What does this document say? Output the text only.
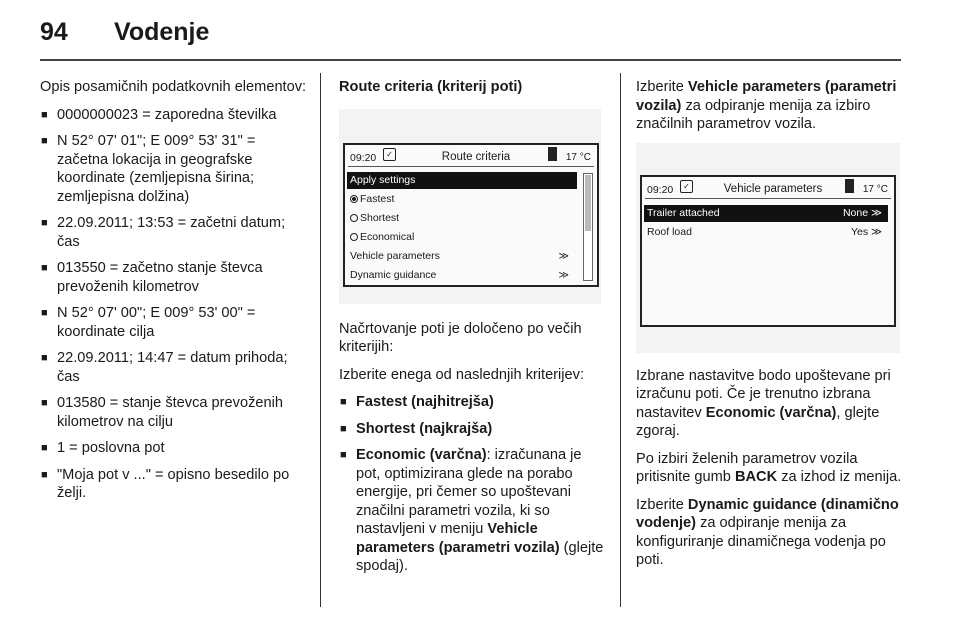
94 Vodenje

Opis posamičnih podatkovnih elementov:

■ 0000000023 = zaporedna številka
■ N 52° 07' 01"; E 009° 53' 31" = začetna lokacija in geografske koordinate (zemljepisna širina; zemljepisna dolžina)
■ 22.09.2011; 13:53 = začetni datum; čas
■ 013550 = začetno stanje števca prevoženih kilometrov
■ N 52° 07' 00"; E 009° 53' 00" = koordinate cilja
■ 22.09.2011; 14:47 = datum prihoda; čas
■ 013580 = stanje števca prevoženih kilometrov na cilju
■ 1 = poslovna pot
■ "Moja pot v ..." = opisno besedilo po želji.

Route criteria (kriterij poti)

09:20	✓	Route criteria	17 °C
Apply settings
Fastest
Shortest
Economical
Vehicle parameters	≫
Dynamic guidance	≫

Načrtovanje poti je določeno po večih kriterijih:

Izberite enega od naslednjih kriterijev:

■ Fastest (najhitrejša)
■ Shortest (najkrajša)
■ Economic (varčna): izračunana je pot, optimizirana glede na porabo energije, pri čemer so upoštevani značilni parametri vozila, ki so nastavljeni v meniju Vehicle parameters (parametri vozila) (glejte spodaj).

Izberite Vehicle parameters (parametri vozila) za odpiranje menija za izbiro značilnih parametrov vozila.

09:20	✓	Vehicle parameters	17 °C
Trailer attached	None ≫
Roof load	Yes ≫

Izbrane nastavitve bodo upoštevane pri izračunu poti. Če je trenutno izbrana nastavitev Economic (varčna), glejte zgoraj.

Po izbiri želenih parametrov vozila pritisnite gumb BACK za izhod iz menija.

Izberite Dynamic guidance (dinamično vodenje) za odpiranje menija za konfiguriranje dinamičnega vodenja po poti.
